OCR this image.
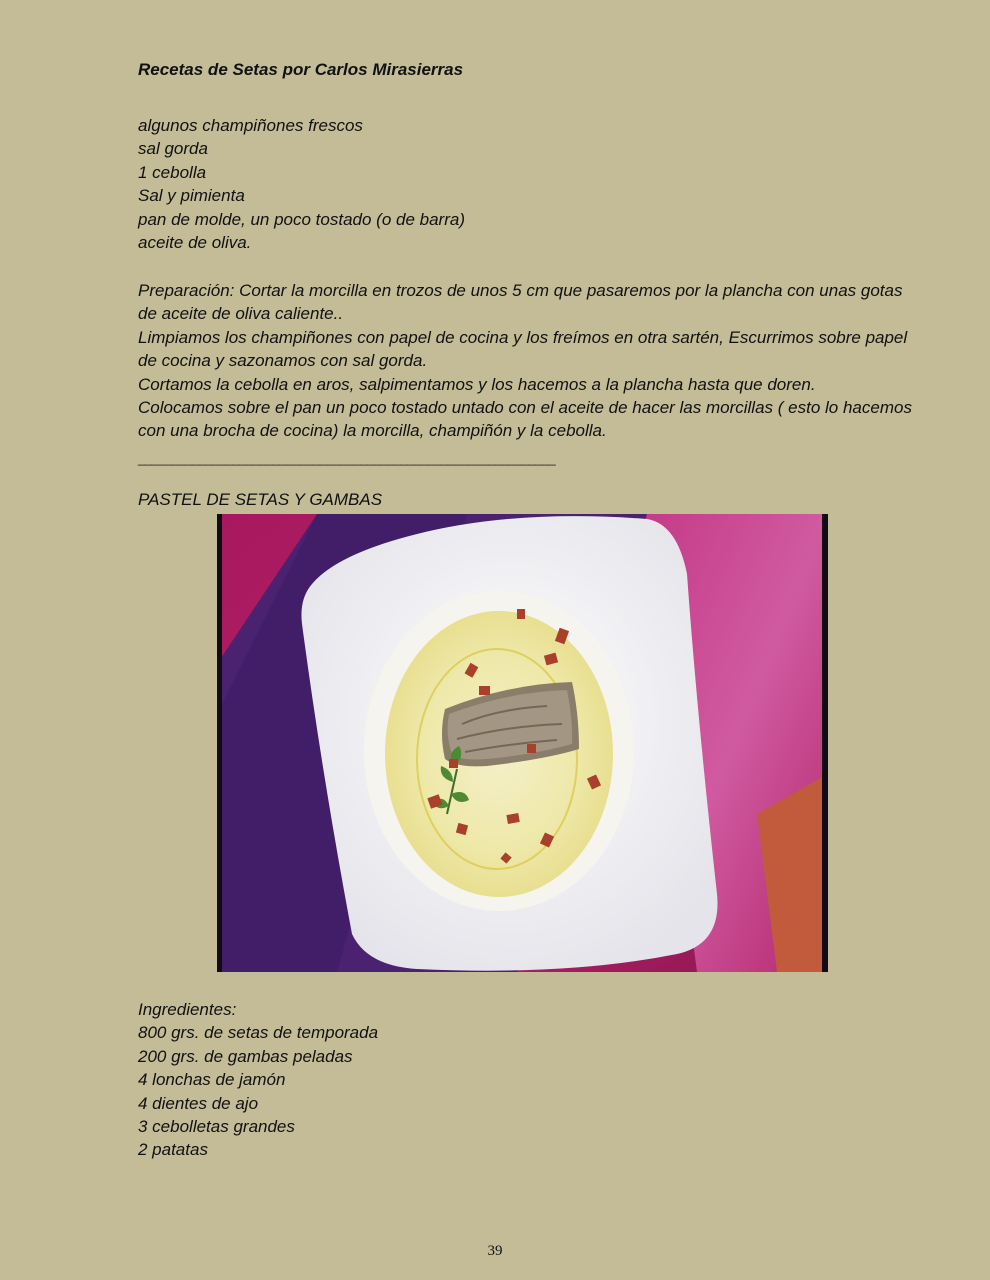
Recetas de Setas por Carlos Mirasierras
algunos champiñones frescos
sal gorda
1 cebolla
Sal y pimienta
pan de molde, un poco tostado (o de barra)
aceite de oliva.
Preparación: Cortar la morcilla en trozos de unos 5 cm que pasaremos por la plancha con unas gotas de aceite de oliva caliente..
Limpiamos los champiñones con papel de cocina y los freímos en otra sartén, Escurrimos sobre papel de cocina y sazonamos con sal gorda.
Cortamos la cebolla en aros, salpimentamos y los hacemos a la plancha hasta que doren.
Colocamos sobre el pan un poco tostado untado con el aceite de hacer las morcillas ( esto lo hacemos con una brocha de cocina) la morcilla, champiñón y la cebolla.
______________________________________________________________
PASTEL DE SETAS Y GAMBAS
Ingredientes:
800 grs. de setas de temporada
200 grs. de gambas peladas
4 lonchas de jamón
4 dientes de ajo
3 cebolletas grandes
2 patatas
39
